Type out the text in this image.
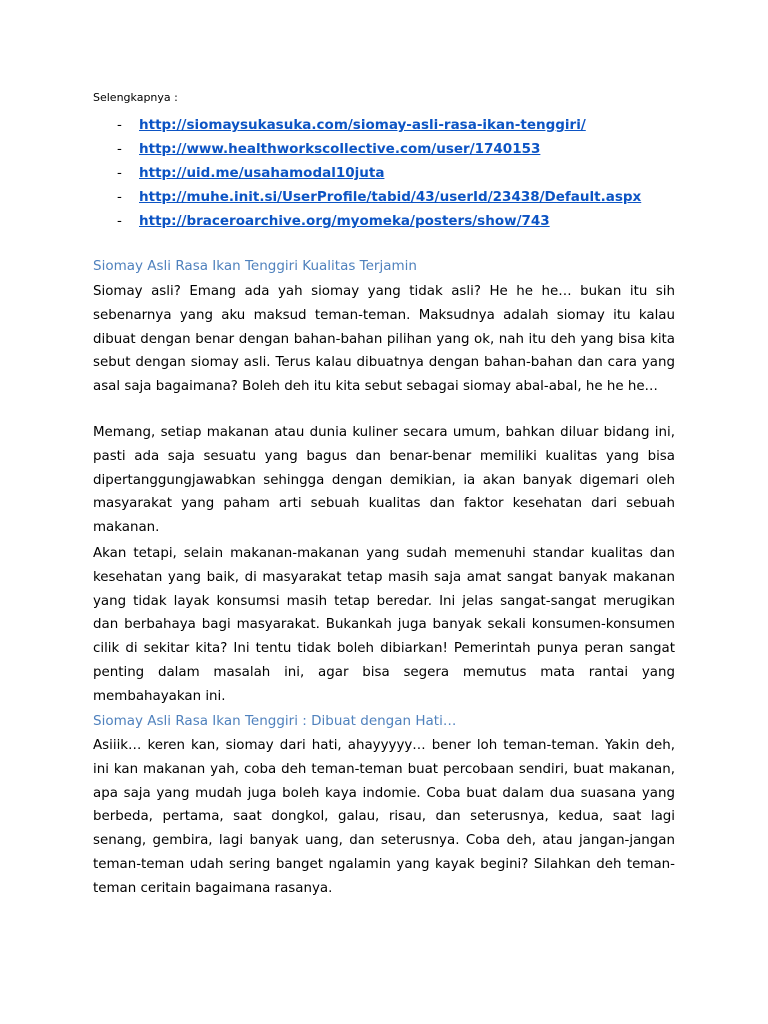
Selengkapnya :
- http://siomaysukasuka.com/siomay-asli-rasa-ikan-tenggiri/
- http://www.healthworkscollective.com/user/1740153
- http://uid.me/usahamodal10juta
- http://muhe.init.si/UserProfile/tabid/43/userId/23438/Default.aspx
- http://braceroarchive.org/myomeka/posters/show/743
Siomay Asli Rasa Ikan Tenggiri Kualitas Terjamin

Siomay asli? Emang ada yah siomay yang tidak asli? He he he… bukan itu sih sebenarnya yang aku maksud teman-teman. Maksudnya adalah siomay itu kalau dibuat dengan benar dengan bahan-bahan pilihan yang ok, nah itu deh yang bisa kita sebut dengan siomay asli. Terus kalau dibuatnya dengan bahan-bahan dan cara yang asal saja bagaimana? Boleh deh itu kita sebut sebagai siomay abal-abal, he he he…

Memang, setiap makanan atau dunia kuliner secara umum, bahkan diluar bidang ini, pasti ada saja sesuatu yang bagus dan benar-benar memiliki kualitas yang bisa dipertanggungjawabkan sehingga dengan demikian, ia akan banyak digemari oleh masyarakat yang paham arti sebuah kualitas dan faktor kesehatan dari sebuah makanan.

Akan tetapi, selain makanan-makanan yang sudah memenuhi standar kualitas dan kesehatan yang baik, di masyarakat tetap masih saja amat sangat banyak makanan yang tidak layak konsumsi masih tetap beredar. Ini jelas sangat-sangat merugikan dan berbahaya bagi masyarakat. Bukankah juga banyak sekali konsumen-konsumen cilik di sekitar kita? Ini tentu tidak boleh dibiarkan! Pemerintah punya peran sangat penting dalam masalah ini, agar bisa segera memutus mata rantai yang membahayakan ini.

Siomay Asli Rasa Ikan Tenggiri : Dibuat dengan Hati…

Asiiik… keren kan, siomay dari hati, ahayyyyy… bener loh teman-teman. Yakin deh, ini kan makanan yah, coba deh teman-teman buat percobaan sendiri, buat makanan, apa saja yang mudah juga boleh kaya indomie. Coba buat dalam dua suasana yang berbeda, pertama, saat dongkol, galau, risau, dan seterusnya, kedua, saat lagi senang, gembira, lagi banyak uang, dan seterusnya. Coba deh, atau jangan-jangan teman-teman udah sering banget ngalamin yang kayak begini? Silahkan deh teman-teman ceritain bagaimana rasanya.
